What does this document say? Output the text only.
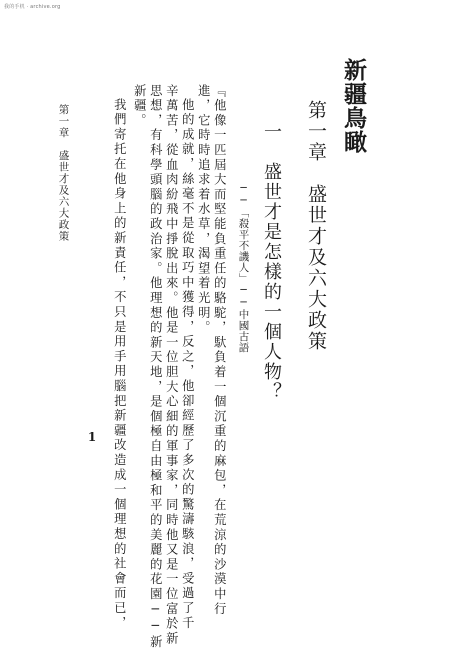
我的手机 · archive.org
新疆鳥瞰
第一章　盛世才及六大政策
一　盛世才是怎樣的一個人物？
──「殺平不譏人」──中國古語
『他像一匹屆大而堅能負重任的駱駝，馱負着一個沉重的麻包，在荒涼的沙漠中行
進，它時時追求着水草，渴望着光明。
他的成就，絲毫不是從取巧中獲得，反之，他卻經歷了多次的驚濤駭浪，受過了千
辛萬苦，從血肉紛飛中掙脫出來。他是一位胆大心細的軍事家，同時他又是一位富於新
思想，有科學頭腦的政治家。他理想的新天地，是個極自由極和平的美麗的花園──新
新疆。
我們寄托在他身上的新責任，不只是用手用腦把新疆改造成一個理想的社會而已，
1
第一章　盛世才及六大政策
